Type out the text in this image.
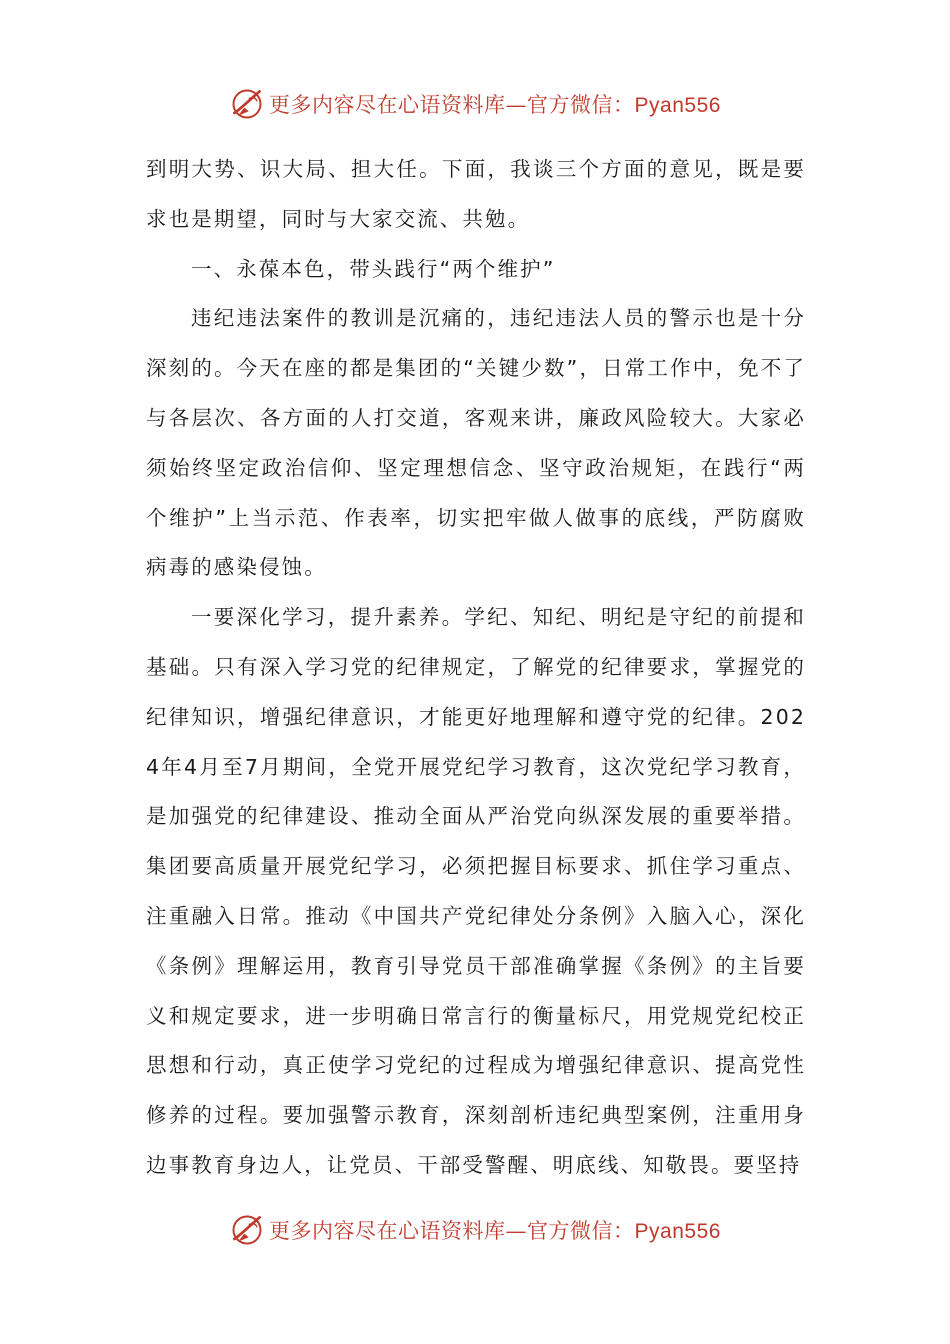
更多内容尽在心语资料库—官方微信：Pyan556

到明大势、识大局、担大任。下面，我谈三个方面的意见，既是要求也是期望，同时与大家交流、共勉。

一、永葆本色，带头践行“两个维护”

违纪违法案件的教训是沉痛的，违纪违法人员的警示也是十分深刻的。今天在座的都是集团的“关键少数”，日常工作中，免不了与各层次、各方面的人打交道，客观来讲，廉政风险较大。大家必须始终坚定政治信仰、坚定理想信念、坚守政治规矩，在践行“两个维护”上当示范、作表率，切实把牢做人做事的底线，严防腐败病毒的感染侵蚀。

一要深化学习，提升素养。学纪、知纪、明纪是守纪的前提和基础。只有深入学习党的纪律规定，了解党的纪律要求，掌握党的纪律知识，增强纪律意识，才能更好地理解和遵守党的纪律。2024年4月至7月期间，全党开展党纪学习教育，这次党纪学习教育，是加强党的纪律建设、推动全面从严治党向纵深发展的重要举措。集团要高质量开展党纪学习，必须把握目标要求、抓住学习重点、注重融入日常。推动《中国共产党纪律处分条例》入脑入心，深化《条例》理解运用，教育引导党员干部准确掌握《条例》的主旨要义和规定要求，进一步明确日常言行的衡量标尺，用党规党纪校正思想和行动，真正使学习党纪的过程成为增强纪律意识、提高党性修养的过程。要加强警示教育，深刻剖析违纪典型案例，注重用身边事教育身边人，让党员、干部受警醒、明底线、知敬畏。要坚持

更多内容尽在心语资料库—官方微信：Pyan556
